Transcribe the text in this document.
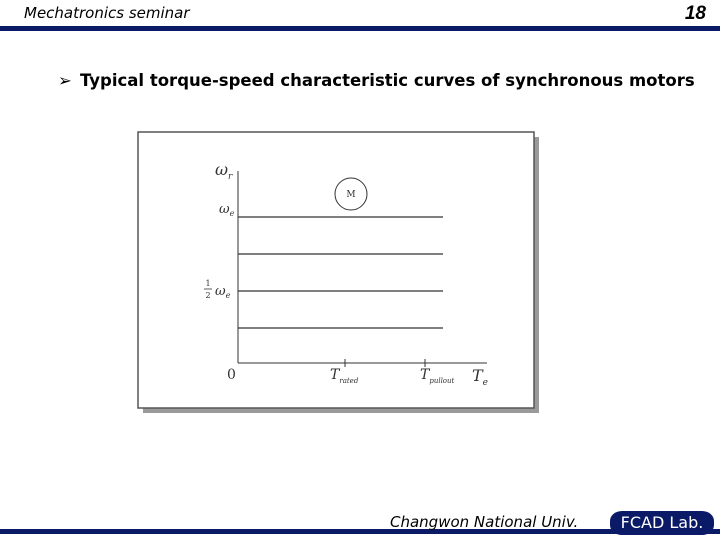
Mechatronics seminar	18
➢ Typical torque-speed characteristic curves of synchronous motors
M
$\omega_r$
$\omega_e$
1
2 $\omega_e$
0	$T_{rated}$	$T_{pullout}$ $T_e$
Changwon National Univ.	FCAD Lab.
